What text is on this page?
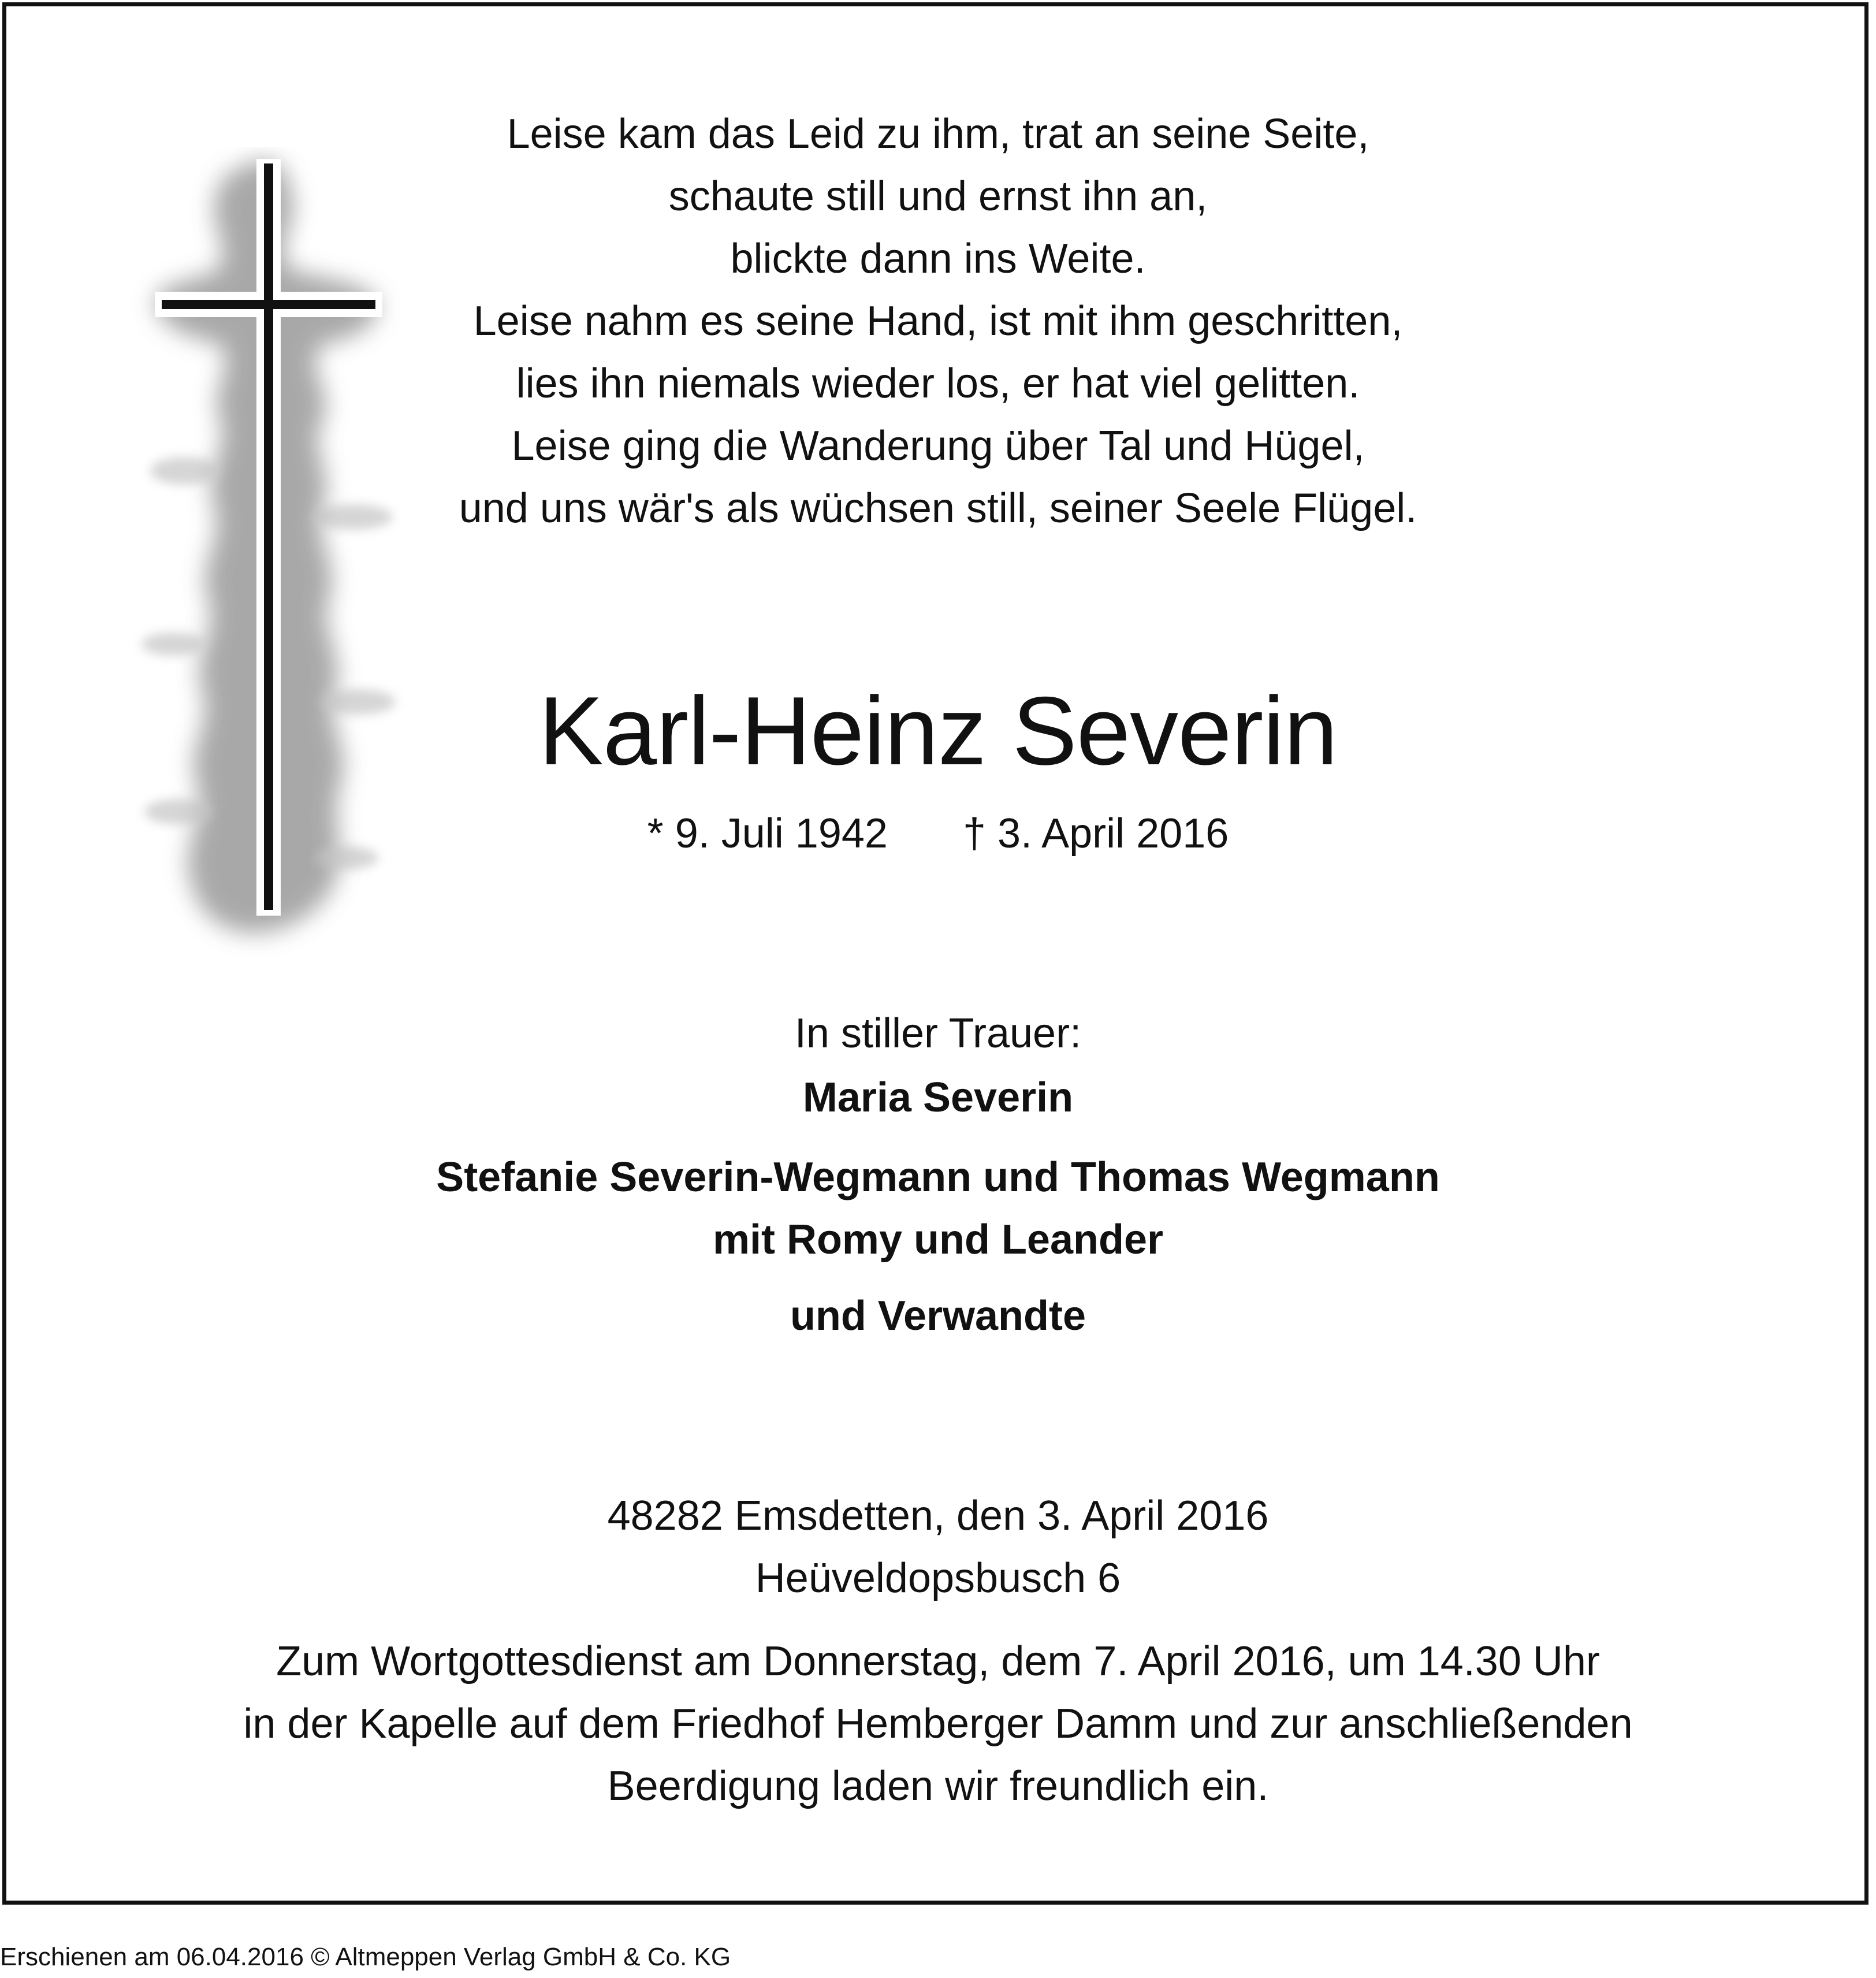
Leise kam das Leid zu ihm, trat an seine Seite,
schaute still und ernst ihn an,
blickte dann ins Weite.
Leise nahm es seine Hand, ist mit ihm geschritten,
lies ihn niemals wieder los, er hat viel gelitten.
Leise ging die Wanderung über Tal und Hügel,
und uns wär's als wüchsen still, seiner Seele Flügel.
Karl-Heinz Severin
* 9. Juli 1942 † 3. April 2016
In stiller Trauer:
Maria Severin
Stefanie Severin-Wegmann und Thomas Wegmann
mit Romy und Leander
und Verwandte
48282 Emsdetten, den 3. April 2016
Heüveldopsbusch 6
Zum Wortgottesdienst am Donnerstag, dem 7. April 2016, um 14.30 Uhr
in der Kapelle auf dem Friedhof Hemberger Damm und zur anschließenden
Beerdigung laden wir freundlich ein.
Erschienen am 06.04.2016 © Altmeppen Verlag GmbH & Co. KG
